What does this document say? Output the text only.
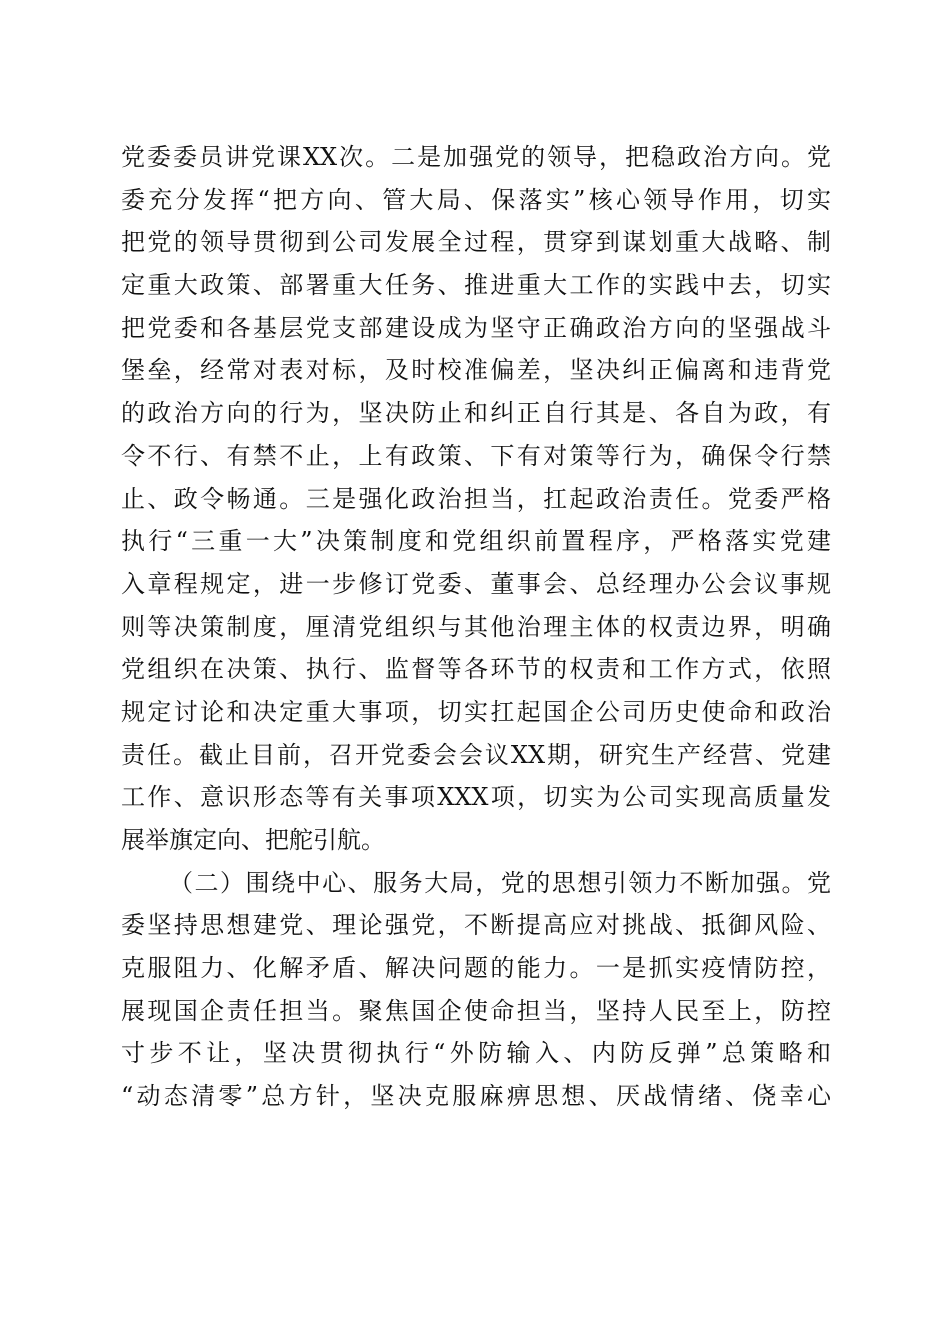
党委委员讲党课XX次。二是加强党的领导，把稳政治方向。党
委充分发挥“把方向、管大局、保落实”核心领导作用，切实
把党的领导贯彻到公司发展全过程，贯穿到谋划重大战略、制
定重大政策、部署重大任务、推进重大工作的实践中去，切实
把党委和各基层党支部建设成为坚守正确政治方向的坚强战斗
堡垒，经常对表对标，及时校准偏差，坚决纠正偏离和违背党
的政治方向的行为，坚决防止和纠正自行其是、各自为政，有
令不行、有禁不止，上有政策、下有对策等行为，确保令行禁
止、政令畅通。三是强化政治担当，扛起政治责任。党委严格
执行“三重一大”决策制度和党组织前置程序，严格落实党建
入章程规定，进一步修订党委、董事会、总经理办公会议事规
则等决策制度，厘清党组织与其他治理主体的权责边界，明确
党组织在决策、执行、监督等各环节的权责和工作方式，依照
规定讨论和决定重大事项，切实扛起国企公司历史使命和政治
责任。截止目前，召开党委会会议XX期，研究生产经营、党建
工作、意识形态等有关事项XXX项，切实为公司实现高质量发
展举旗定向、把舵引航。
（二）围绕中心、服务大局，党的思想引领力不断加强。党
委坚持思想建党、理论强党，不断提高应对挑战、抵御风险、
克服阻力、化解矛盾、解决问题的能力。一是抓实疫情防控，
展现国企责任担当。聚焦国企使命担当，坚持人民至上，防控
寸步不让，坚决贯彻执行“外防输入、内防反弹”总策略和
“动态清零”总方针，坚决克服麻痹思想、厌战情绪、侥幸心
